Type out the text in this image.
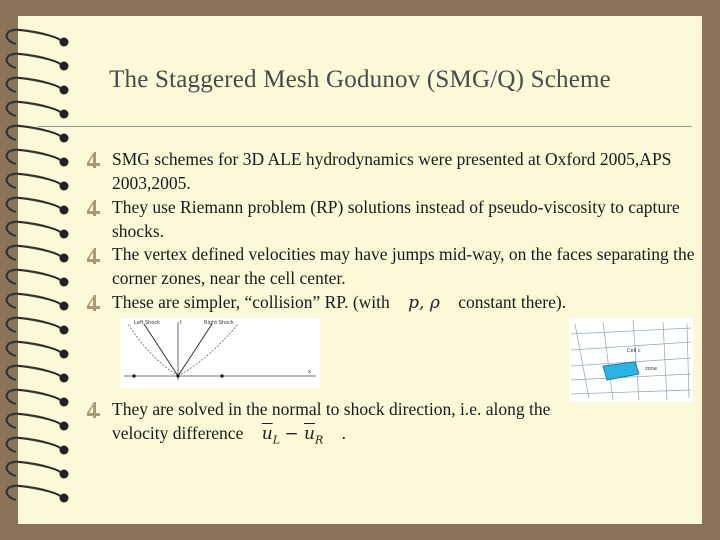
The Staggered Mesh Godunov (SMG/Q) Scheme
SMG schemes for 3D ALE hydrodynamics were presented at Oxford 2005,APS 2003,2005.
They use Riemann problem (RP) solutions instead of pseudo-viscosity to capture shocks.
The vertex defined velocities may have jumps mid-way, on the faces separating the corner zones, near the cell center.
These are simpler, “collision” RP. (with p, ρ constant there).
They are solved in the normal to shock direction, i.e. along the
velocity difference $\overline{u}_L - \overline{u}_R$ .
Left Shock	Right Shock
t
x
Cell c
zone
